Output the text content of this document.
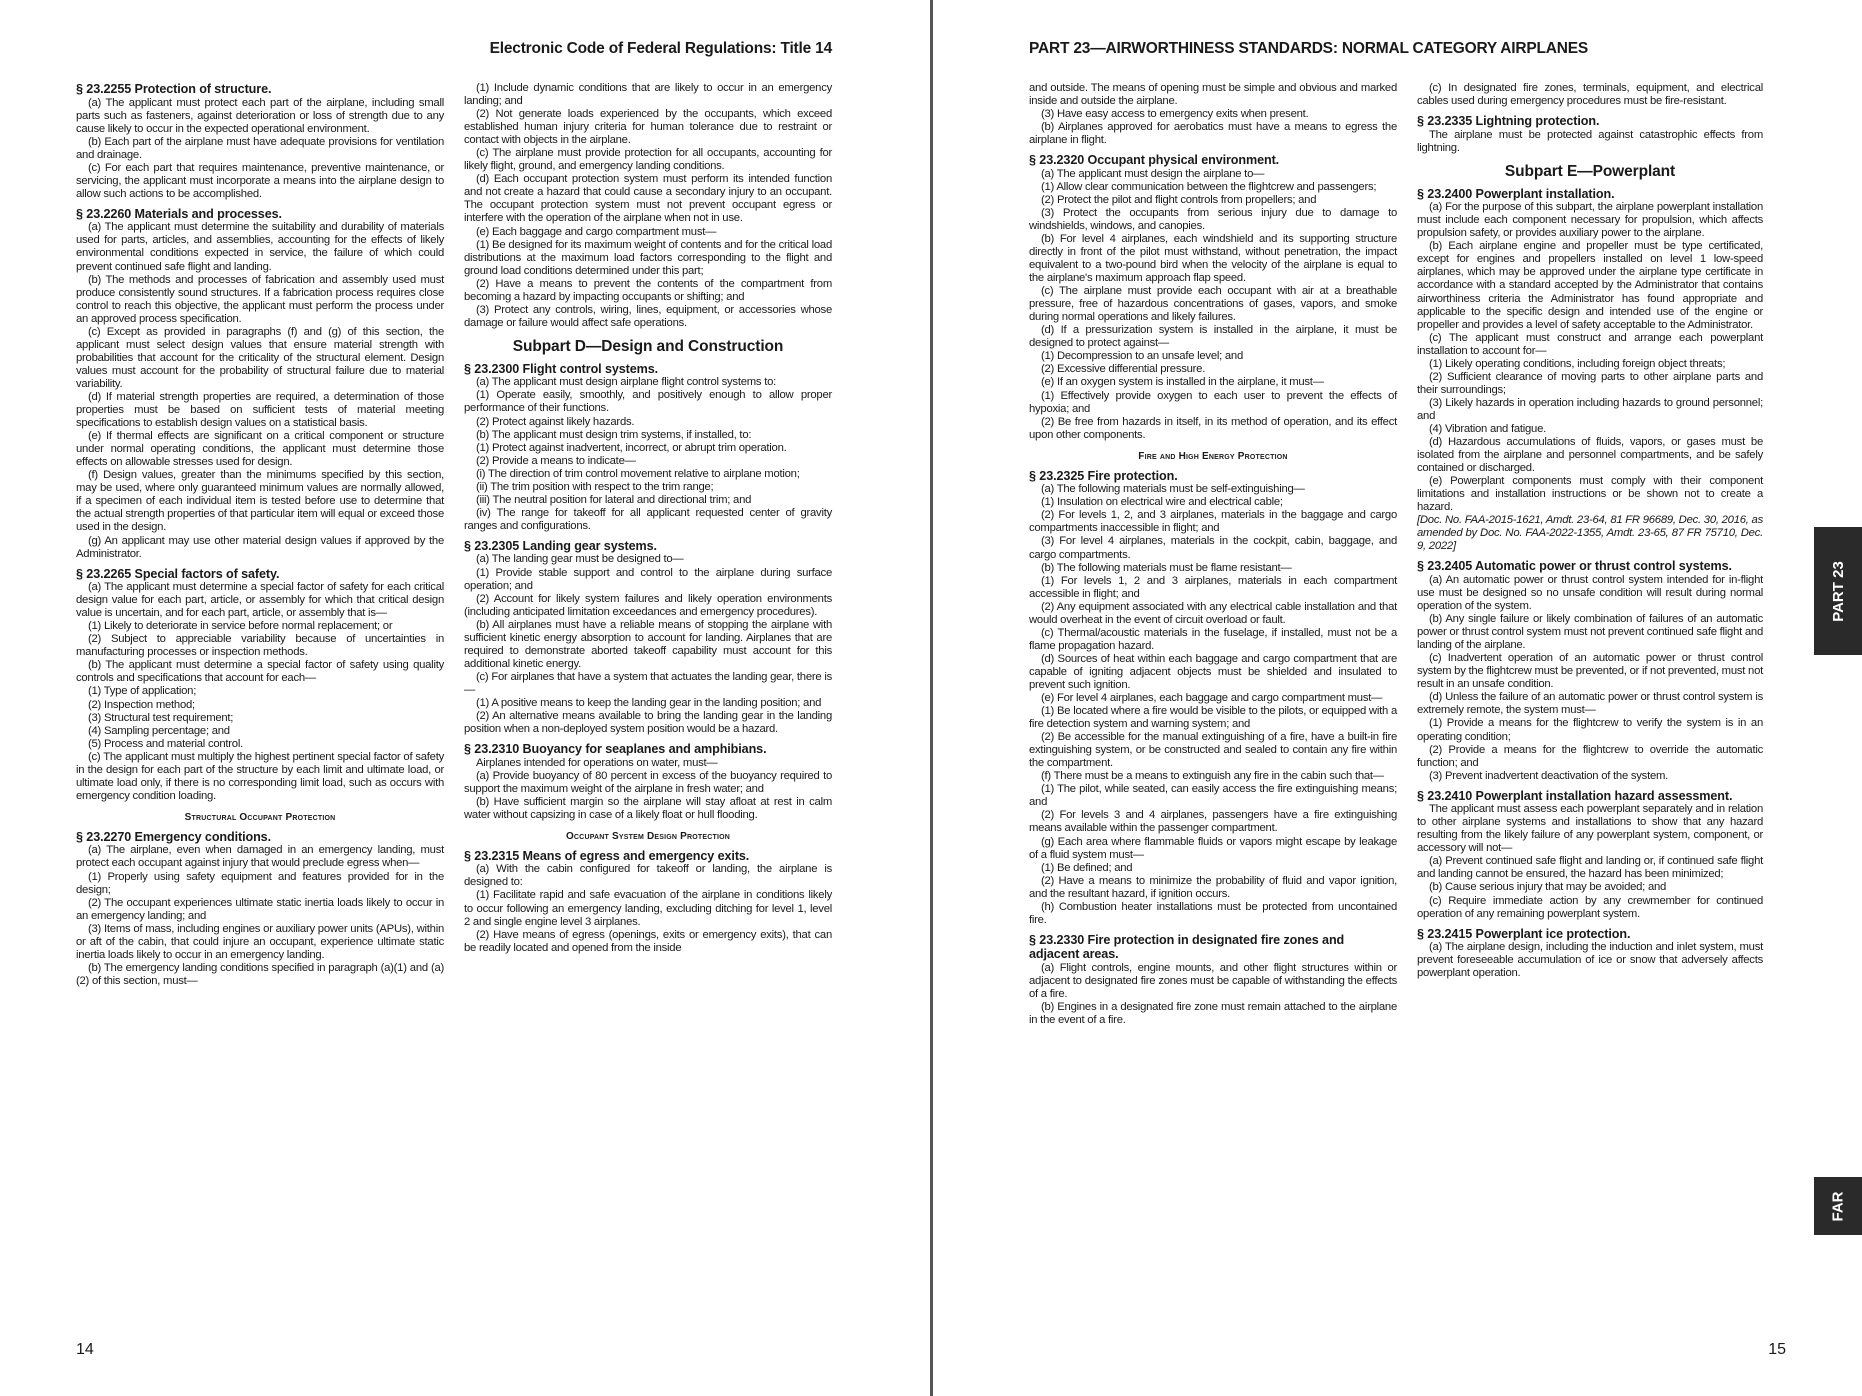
Electronic Code of Federal Regulations: Title 14
§ 23.2255 Protection of structure.
(a) The applicant must protect each part of the airplane, including small parts such as fasteners, against deterioration or loss of strength due to any cause likely to occur in the expected operational environment.
(b) Each part of the airplane must have adequate provisions for ventilation and drainage.
(c) For each part that requires maintenance, preventive maintenance, or servicing, the applicant must incorporate a means into the airplane design to allow such actions to be accomplished.
§ 23.2260 Materials and processes.
(a) The applicant must determine the suitability and durability of materials used for parts, articles, and assemblies, accounting for the effects of likely environmental conditions expected in service, the failure of which could prevent continued safe flight and landing.
(b) The methods and processes of fabrication and assembly used must produce consistently sound structures. If a fabrication process requires close control to reach this objective, the applicant must perform the process under an approved process specification.
(c) Except as provided in paragraphs (f) and (g) of this section, the applicant must select design values that ensure material strength with probabilities that account for the criticality of the structural element. Design values must account for the probability of structural failure due to material variability.
(d) If material strength properties are required, a determination of those properties must be based on sufficient tests of material meeting specifications to establish design values on a statistical basis.
(e) If thermal effects are significant on a critical component or structure under normal operating conditions, the applicant must determine those effects on allowable stresses used for design.
(f) Design values, greater than the minimums specified by this section, may be used, where only guaranteed minimum values are normally allowed, if a specimen of each individual item is tested before use to determine that the actual strength properties of that particular item will equal or exceed those used in the design.
(g) An applicant may use other material design values if approved by the Administrator.
§ 23.2265 Special factors of safety.
(a) The applicant must determine a special factor of safety for each critical design value for each part, article, or assembly for which that critical design value is uncertain, and for each part, article, or assembly that is—
(1) Likely to deteriorate in service before normal replacement; or
(2) Subject to appreciable variability because of uncertainties in manufacturing processes or inspection methods.
(b) The applicant must determine a special factor of safety using quality controls and specifications that account for each—
(1) Type of application;
(2) Inspection method;
(3) Structural test requirement;
(4) Sampling percentage; and
(5) Process and material control.
(c) The applicant must multiply the highest pertinent special factor of safety in the design for each part of the structure by each limit and ultimate load, or ultimate load only, if there is no corresponding limit load, such as occurs with emergency condition loading.
Structural Occupant Protection
§ 23.2270 Emergency conditions.
(a) The airplane, even when damaged in an emergency landing, must protect each occupant against injury that would preclude egress when—
(1) Properly using safety equipment and features provided for in the design;
(2) The occupant experiences ultimate static inertia loads likely to occur in an emergency landing; and
(3) Items of mass, including engines or auxiliary power units (APUs), within or aft of the cabin, that could injure an occupant, experience ultimate static inertia loads likely to occur in an emergency landing.
(b) The emergency landing conditions specified in paragraph (a)(1) and (a)(2) of this section, must—
(1) Include dynamic conditions that are likely to occur in an emergency landing; and
(2) Not generate loads experienced by the occupants, which exceed established human injury criteria for human tolerance due to restraint or contact with objects in the airplane.
(c) The airplane must provide protection for all occupants, accounting for likely flight, ground, and emergency landing conditions.
(d) Each occupant protection system must perform its intended function and not create a hazard that could cause a secondary injury to an occupant. The occupant protection system must not prevent occupant egress or interfere with the operation of the airplane when not in use.
(e) Each baggage and cargo compartment must—
(1) Be designed for its maximum weight of contents and for the critical load distributions at the maximum load factors corresponding to the flight and ground load conditions determined under this part;
(2) Have a means to prevent the contents of the compartment from becoming a hazard by impacting occupants or shifting; and
(3) Protect any controls, wiring, lines, equipment, or accessories whose damage or failure would affect safe operations.
Subpart D—Design and Construction
§ 23.2300 Flight control systems.
(a) The applicant must design airplane flight control systems to:
(1) Operate easily, smoothly, and positively enough to allow proper performance of their functions.
(2) Protect against likely hazards.
(b) The applicant must design trim systems, if installed, to:
(1) Protect against inadvertent, incorrect, or abrupt trim operation.
(2) Provide a means to indicate—
(i) The direction of trim control movement relative to airplane motion;
(ii) The trim position with respect to the trim range;
(iii) The neutral position for lateral and directional trim; and
(iv) The range for takeoff for all applicant requested center of gravity ranges and configurations.
§ 23.2305 Landing gear systems.
(a) The landing gear must be designed to—
(1) Provide stable support and control to the airplane during surface operation; and
(2) Account for likely system failures and likely operation environments (including anticipated limitation exceedances and emergency procedures).
(b) All airplanes must have a reliable means of stopping the airplane with sufficient kinetic energy absorption to account for landing. Airplanes that are required to demonstrate aborted takeoff capability must account for this additional kinetic energy.
(c) For airplanes that have a system that actuates the landing gear, there is—
(1) A positive means to keep the landing gear in the landing position; and
(2) An alternative means available to bring the landing gear in the landing position when a non-deployed system position would be a hazard.
§ 23.2310 Buoyancy for seaplanes and amphibians.
Airplanes intended for operations on water, must—
(a) Provide buoyancy of 80 percent in excess of the buoyancy required to support the maximum weight of the airplane in fresh water; and
(b) Have sufficient margin so the airplane will stay afloat at rest in calm water without capsizing in case of a likely float or hull flooding.
Occupant System Design Protection
§ 23.2315 Means of egress and emergency exits.
(a) With the cabin configured for takeoff or landing, the airplane is designed to:
(1) Facilitate rapid and safe evacuation of the airplane in conditions likely to occur following an emergency landing, excluding ditching for level 1, level 2 and single engine level 3 airplanes.
(2) Have means of egress (openings, exits or emergency exits), that can be readily located and opened from the inside
14
PART 23—AIRWORTHINESS STANDARDS: NORMAL CATEGORY AIRPLANES
and outside. The means of opening must be simple and obvious and marked inside and outside the airplane.
(3) Have easy access to emergency exits when present.
(b) Airplanes approved for aerobatics must have a means to egress the airplane in flight.
§ 23.2320 Occupant physical environment.
(a) The applicant must design the airplane to—
(1) Allow clear communication between the flightcrew and passengers;
(2) Protect the pilot and flight controls from propellers; and
(3) Protect the occupants from serious injury due to damage to windshields, windows, and canopies.
(b) For level 4 airplanes, each windshield and its supporting structure directly in front of the pilot must withstand, without penetration, the impact equivalent to a two-pound bird when the velocity of the airplane is equal to the airplane's maximum approach flap speed.
(c) The airplane must provide each occupant with air at a breathable pressure, free of hazardous concentrations of gases, vapors, and smoke during normal operations and likely failures.
(d) If a pressurization system is installed in the airplane, it must be designed to protect against—
(1) Decompression to an unsafe level; and
(2) Excessive differential pressure.
(e) If an oxygen system is installed in the airplane, it must—
(1) Effectively provide oxygen to each user to prevent the effects of hypoxia; and
(2) Be free from hazards in itself, in its method of operation, and its effect upon other components.
Fire and High Energy Protection
§ 23.2325 Fire protection.
(a) The following materials must be self-extinguishing—
(1) Insulation on electrical wire and electrical cable;
(2) For levels 1, 2, and 3 airplanes, materials in the baggage and cargo compartments inaccessible in flight; and
(3) For level 4 airplanes, materials in the cockpit, cabin, baggage, and cargo compartments.
(b) The following materials must be flame resistant—
(1) For levels 1, 2 and 3 airplanes, materials in each compartment accessible in flight; and
(2) Any equipment associated with any electrical cable installation and that would overheat in the event of circuit overload or fault.
(c) Thermal/acoustic materials in the fuselage, if installed, must not be a flame propagation hazard.
(d) Sources of heat within each baggage and cargo compartment that are capable of igniting adjacent objects must be shielded and insulated to prevent such ignition.
(e) For level 4 airplanes, each baggage and cargo compartment must—
(1) Be located where a fire would be visible to the pilots, or equipped with a fire detection system and warning system; and
(2) Be accessible for the manual extinguishing of a fire, have a built-in fire extinguishing system, or be constructed and sealed to contain any fire within the compartment.
(f) There must be a means to extinguish any fire in the cabin such that—
(1) The pilot, while seated, can easily access the fire extinguishing means; and
(2) For levels 3 and 4 airplanes, passengers have a fire extinguishing means available within the passenger compartment.
(g) Each area where flammable fluids or vapors might escape by leakage of a fluid system must—
(1) Be defined; and
(2) Have a means to minimize the probability of fluid and vapor ignition, and the resultant hazard, if ignition occurs.
(h) Combustion heater installations must be protected from uncontained fire.
§ 23.2330 Fire protection in designated fire zones and adjacent areas.
(a) Flight controls, engine mounts, and other flight structures within or adjacent to designated fire zones must be capable of withstanding the effects of a fire.
(b) Engines in a designated fire zone must remain attached to the airplane in the event of a fire.
(c) In designated fire zones, terminals, equipment, and electrical cables used during emergency procedures must be fire-resistant.
§ 23.2335 Lightning protection.
The airplane must be protected against catastrophic effects from lightning.
Subpart E—Powerplant
§ 23.2400 Powerplant installation.
(a) For the purpose of this subpart, the airplane powerplant installation must include each component necessary for propulsion, which affects propulsion safety, or provides auxiliary power to the airplane.
(b) Each airplane engine and propeller must be type certificated, except for engines and propellers installed on level 1 low-speed airplanes, which may be approved under the airplane type certificate in accordance with a standard accepted by the Administrator that contains airworthiness criteria the Administrator has found appropriate and applicable to the specific design and intended use of the engine or propeller and provides a level of safety acceptable to the Administrator.
(c) The applicant must construct and arrange each powerplant installation to account for—
(1) Likely operating conditions, including foreign object threats;
(2) Sufficient clearance of moving parts to other airplane parts and their surroundings;
(3) Likely hazards in operation including hazards to ground personnel; and
(4) Vibration and fatigue.
(d) Hazardous accumulations of fluids, vapors, or gases must be isolated from the airplane and personnel compartments, and be safely contained or discharged.
(e) Powerplant components must comply with their component limitations and installation instructions or be shown not to create a hazard.
[Doc. No. FAA-2015-1621, Amdt. 23-64, 81 FR 96689, Dec. 30, 2016, as amended by Doc. No. FAA-2022-1355, Amdt. 23-65, 87 FR 75710, Dec. 9, 2022]
§ 23.2405 Automatic power or thrust control systems.
(a) An automatic power or thrust control system intended for in-flight use must be designed so no unsafe condition will result during normal operation of the system.
(b) Any single failure or likely combination of failures of an automatic power or thrust control system must not prevent continued safe flight and landing of the airplane.
(c) Inadvertent operation of an automatic power or thrust control system by the flightcrew must be prevented, or if not prevented, must not result in an unsafe condition.
(d) Unless the failure of an automatic power or thrust control system is extremely remote, the system must—
(1) Provide a means for the flightcrew to verify the system is in an operating condition;
(2) Provide a means for the flightcrew to override the automatic function; and
(3) Prevent inadvertent deactivation of the system.
§ 23.2410 Powerplant installation hazard assessment.
The applicant must assess each powerplant separately and in relation to other airplane systems and installations to show that any hazard resulting from the likely failure of any powerplant system, component, or accessory will not—
(a) Prevent continued safe flight and landing or, if continued safe flight and landing cannot be ensured, the hazard has been minimized;
(b) Cause serious injury that may be avoided; and
(c) Require immediate action by any crewmember for continued operation of any remaining powerplant system.
§ 23.2415 Powerplant ice protection.
(a) The airplane design, including the induction and inlet system, must prevent foreseeable accumulation of ice or snow that adversely affects powerplant operation.
PART 23
FAR
15
